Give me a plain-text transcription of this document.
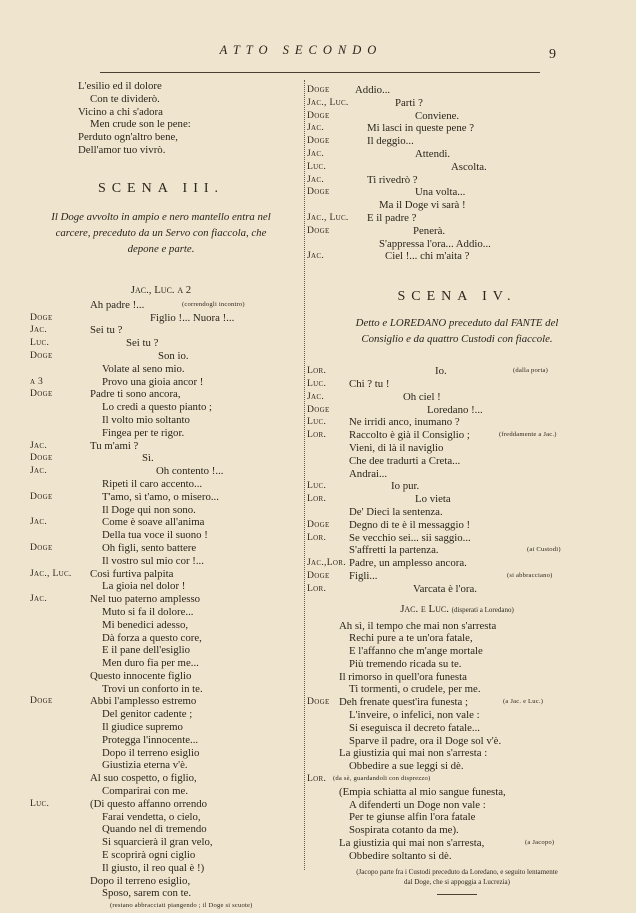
ATTO SECONDO	9
L'esilio ed il dolore
Con te dividerò.
Vicino a chi s'adora
Men crude son le pene:
Perduto ogn'altro bene,
Dell'amor tuo vivrò.
SCENA III.
Il Doge avvolto in ampio e nero mantello entra nel
carcere, preceduto da un Servo con fiaccola, che
depone e parte.
Jac., Luc. a 2
Ah padre !...	(correndogli incontro)
Doge	Figlio !... Nuora !...
Jac.	Sei tu ?
Luc.	Sei tu ?
Doge	Son io.
Volate al seno mio.
a 3	Provo una gioia ancor !
Doge	Padre ti sono ancora,
Lo credi a questo pianto ;
Il volto mio soltanto
Fingea per te rigor.
Jac.	Tu m'ami ?
Doge	Sì.
Jac.	Oh contento !...
Ripeti il caro accento...
Doge	T'amo, sì t'amo, o misero...
Il Doge qui non sono.
Jac.	Come è soave all'anima
Della tua voce il suono !
Doge	Oh figli, sento battere
Il vostro sul mio cor !...
Jac., Luc. Così furtiva palpita
La gioia nel dolor !
Jac.	Nel tuo paterno amplesso
Muto si fa il dolore...
Mi benedici adesso,
Dà forza a questo core,
E il pane dell'esiglio
Men duro fia per me...
Questo innocente figlio
Trovi un conforto in te.
Doge	Abbi l'amplesso estremo
Del genitor cadente ;
Il giudice supremo
Protegga l'innocente...
Dopo il terreno esiglio
Giustizia eterna v'è.
Al suo cospetto, o figlio,
Comparirai con me.
Luc.	(Di questo affanno orrendo
Farai vendetta, o cielo,
Quando nel dì tremendo
Si squarcierà il gran velo,
E scoprirà ogni ciglio
Il giusto, il reo qual è !)
Dopo il terreno esiglio,
Sposo, sarem con te.
(restano abbracciati piangendo ; il Doge si scuote)
Doge Addio...
Jac., Luc.	Parti ?
Doge	Conviene.
Jac.	Mi lasci in queste pene ?
Doge	Il deggio...
Jac.	Attendi.
Luc.	Ascolta.
Jac.	Ti rivedrò ?
Doge	Una volta...
Ma il Doge vi sarà !
Jac., Luc. E il padre ?
Doge	Penerà.
S'appressa l'ora... Addio...
Jac.	Ciel !... chi m'aita ?
SCENA IV.
Detto e LOREDANO preceduto dal FANTE del
Consiglio e da quattro Custodi con fiaccole.
Lor.	Io.	(dalla porta)
Luc. Chi ? tu !
Jac.	Oh ciel !
Doge	Loredano !...
Luc. Ne irridi anco, inumano ?
Lor. Raccolto è già il Consiglio ;	(freddamente a Jac.)
Vieni, di là il naviglio
Che dee tradurti a Creta...
Andrai...
Luc.	Io pur.
Lor.	Lo vieta
De' Dieci la sentenza.
Doge Degno di te è il messaggio !
Lor. Se vecchio sei... sii saggio...
S'affretti la partenza.	(ai Custodi)
Jac.,Lor. Padre, un amplesso ancora.
Doge Figli...	(si abbracciano)
Lor.	Varcata è l'ora.
Jac. e Luc. (disperati a Loredano)
Ah sì, il tempo che mai non s'arresta
Rechi pure a te un'ora fatale,
E l'affanno che m'ange mortale
Più tremendo ricada su te.
Il rimorso in quell'ora funesta
Ti tormenti, o crudele, per me.
Doge Deh frenate quest'ira funesta ;	(a Jac. e Luc.)
L'inveire, o infelici, non vale :
Si eseguisca il decreto fatale...
Sparve il padre, ora il Doge sol v'è.
La giustizia qui mai non s'arresta :
Obbedire a sue leggi si dè.
Lor. (da sè, guardandoli con disprezzo)
(Empia schiatta al mio sangue funesta,
A difenderti un Doge non vale :
Per te giunse alfin l'ora fatale
Sospirata cotanto da me).
La giustizia qui mai non s'arresta,	(a Jacopo)
Obbedire soltanto si dè.
(Jacopo parte fra i Custodi preceduto da Loredano, e seguito lentamente
dal Doge, che si appoggia a Lucrezia)
